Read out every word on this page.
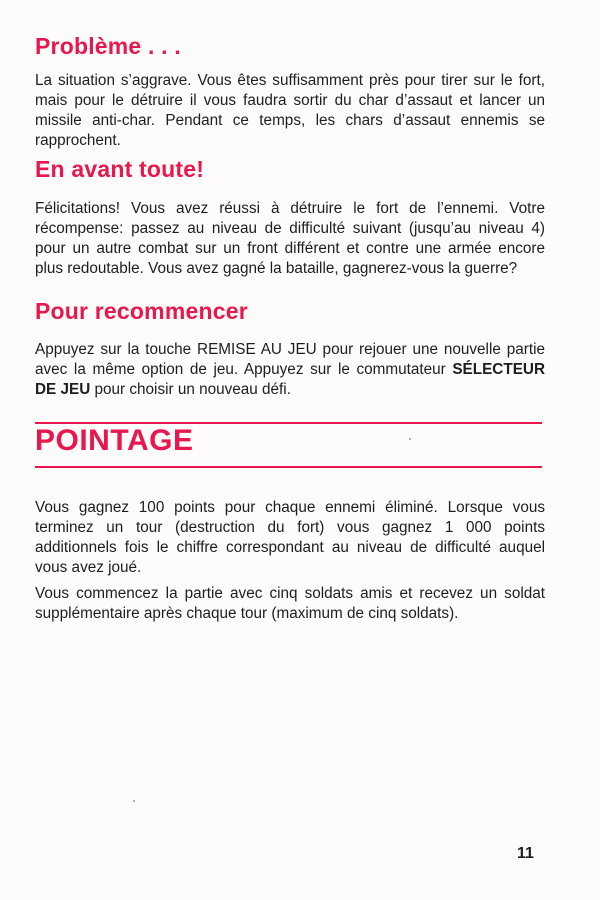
Problème . . .

La situation s’aggrave. Vous êtes suffisamment près pour tirer sur le fort, mais pour le détruire il vous faudra sortir du char d’assaut et lancer un missile anti-char. Pendant ce temps, les chars d’assaut ennemis se rapprochent.

En avant toute!

Félicitations! Vous avez réussi à détruire le fort de l’ennemi. Votre récompense: passez au niveau de difficulté suivant (jusqu’au niveau 4) pour un autre combat sur un front différent et contre une armée encore plus redoutable. Vous avez gagné la bataille, gagnerez-vous la guerre?

Pour recommencer

Appuyez sur la touche REMISE AU JEU pour rejouer une nouvelle partie avec la même option de jeu. Appuyez sur le commutateur SÉLECTEUR DE JEU pour choisir un nouveau défi.

POINTAGE

Vous gagnez 100 points pour chaque ennemi éliminé. Lorsque vous terminez un tour (destruction du fort) vous gagnez 1 000 points additionnels fois le chiffre correspondant au niveau de difficulté auquel vous avez joué.

Vous commencez la partie avec cinq soldats amis et recevez un soldat supplémentaire après chaque tour (maximum de cinq soldats).

11
